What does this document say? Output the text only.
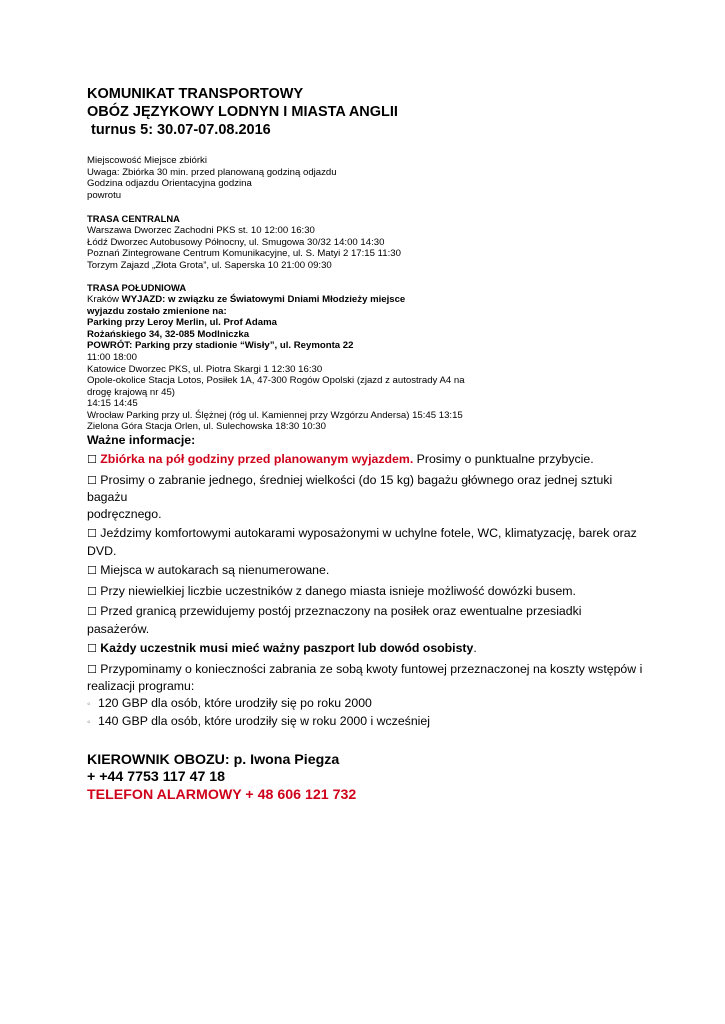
KOMUNIKAT TRANSPORTOWY
OBÓZ JĘZYKOWY LODNYN I MIASTA ANGLII
turnus 5: 30.07-07.08.2016
Miejscowość Miejsce zbiórki
Uwaga: Zbiórka 30 min. przed planowaną godziną odjazdu
Godzina odjazdu Orientacyjna godzina
powrotu
TRASA CENTRALNA
Warszawa Dworzec Zachodni PKS st. 10 12:00 16:30
Łódź Dworzec Autobusowy Północny, ul. Smugowa 30/32 14:00 14:30
Poznań Zintegrowane Centrum Komunikacyjne, ul. S. Matyi 2 17:15 11:30
Torzym Zajazd „Złota Grota”, ul. Saperska 10 21:00 09:30
TRASA POŁUDNIOWA
Kraków WYJAZD: w związku ze Światowymi Dniami Młodzieży miejsce
wyjazdu zostało zmienione na:
Parking przy Leroy Merlin, ul. Prof Adama
Rożańskiego 34, 32-085 Modlniczka
POWRÓT: Parking przy stadionie “Wisły”, ul. Reymonta 22
11:00 18:00
Katowice Dworzec PKS, ul. Piotra Skargi 1 12:30 16:30
Opole-okolice Stacja Lotos, Posiłek 1A, 47-300 Rogów Opolski (zjazd z autostrady A4 na
drogę krajową nr 45)
14:15 14:45
Wrocław Parking przy ul. Ślężnej (róg ul. Kamiennej przy Wzgórzu Andersa) 15:45 13:15
Zielona Góra Stacja Orlen, ul. Sulechowska 18:30 10:30
Ważne informacje:
☐ Zbiórka na pół godziny przed planowanym wyjazdem. Prosimy o punktualne przybycie.
☐ Prosimy o zabranie jednego, średniej wielkości (do 15 kg) bagażu głównego oraz jednej sztuki
bagażu
podręcznego.
☐ Jeździmy komfortowymi autokarami wyposażonymi w uchylne fotele, WC, klimatyzację, barek oraz
DVD.
☐ Miejsca w autokarach są nienumerowane.
☐ Przy niewielkiej liczbie uczestników z danego miasta isnieje możliwość dowózki busem.
☐ Przed granicą przewidujemy postój przeznaczony na posiłek oraz ewentualne przesiadki
pasażerów.
☐ Każdy uczestnik musi mieć ważny paszport lub dowód osobisty.
☐ Przypominamy o konieczności zabrania ze sobą kwoty funtowej przeznaczonej na koszty wstępów i
realizacji programu:
◦ 120 GBP dla osób, które urodziły się po roku 2000
◦ 140 GBP dla osób, które urodziły się w roku 2000 i wcześniej
KIEROWNIK OBOZU: p. Iwona Piegza
+ +44 7753 117 47 18
TELEFON ALARMOWY + 48 606 121 732
